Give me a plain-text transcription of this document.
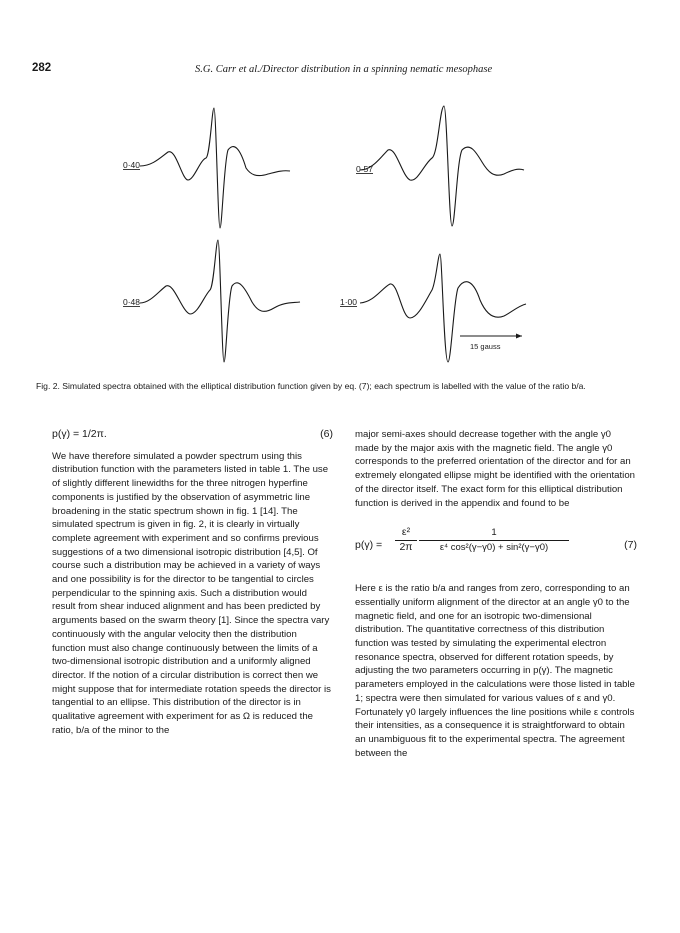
282	S.G. Carr et al./Director distribution in a spinning nematic mesophase
0·40	0·57
0·48	1·00
15 gauss
Fig. 2. Simulated spectra obtained with the elliptical distribution function given by eq. (7); each spectrum is labelled with the value of the ratio b/a.
p(γ) = 1/2π.	(6)

We have therefore simulated a powder spectrum using this distribution function with the parameters listed in table 1. The use of slightly different linewidths for the three nitrogen hyperfine components is justified by the observation of asymmetric line broadening in the static spectrum shown in fig. 1 [14]. The simulated spectrum is given in fig. 2, it is clearly in virtually complete agreement with experiment and so confirms previous suggestions of a two dimensional isotropic distribution [4,5]. Of course such a distribution may be achieved in a variety of ways and one possibility is for the director to be tangential to circles perpendicular to the spinning axis. Such a distribution would result from shear induced alignment and has been predicted by arguments based on the swarm theory [1]. Since the spectra vary continuously with the angular velocity then the distribution function must also change continuously between the limits of a two-dimensional isotropic distribution and a uniformly aligned director. If the notion of a circular distribution is correct then we might suppose that for intermediate rotation speeds the director is tangential to an ellipse. This distribution of the director is in qualitative agreement with experiment for as Ω is reduced the ratio, b/a of the minor to the

major semi-axes should decrease together with the angle γ0 made by the major axis with the magnetic field. The angle γ0 corresponds to the preferred orientation of the director and for an extremely elongated ellipse might be identified with the orientation of the director itself. The exact form for this elliptical distribution function is derived in the appendix and found to be

$p(\gamma) = \frac{\text{ε²}}{2\pi} \frac{1}{\text{ε⁴ cos²(γ−γ0) + sin²(γ−γ0)}}$	(7)

Here ε is the ratio b/a and ranges from zero, corresponding to an essentially uniform alignment of the director at an angle γ0 to the magnetic field, and one for an isotropic two-dimensional distribution. The quantitative correctness of this distribution function was tested by simulating the experimental electron resonance spectra, observed for different rotation speeds, by adjusting the two parameters occurring in p(γ). The magnetic parameters employed in the calculations were those listed in table 1; spectra were then simulated for various values of ε and γ0. Fortunately γ0 largely influences the line positions while ε controls their intensities, as a consequence it is straightforward to obtain an unambiguous fit to the experimental spectra. The agreement between the
